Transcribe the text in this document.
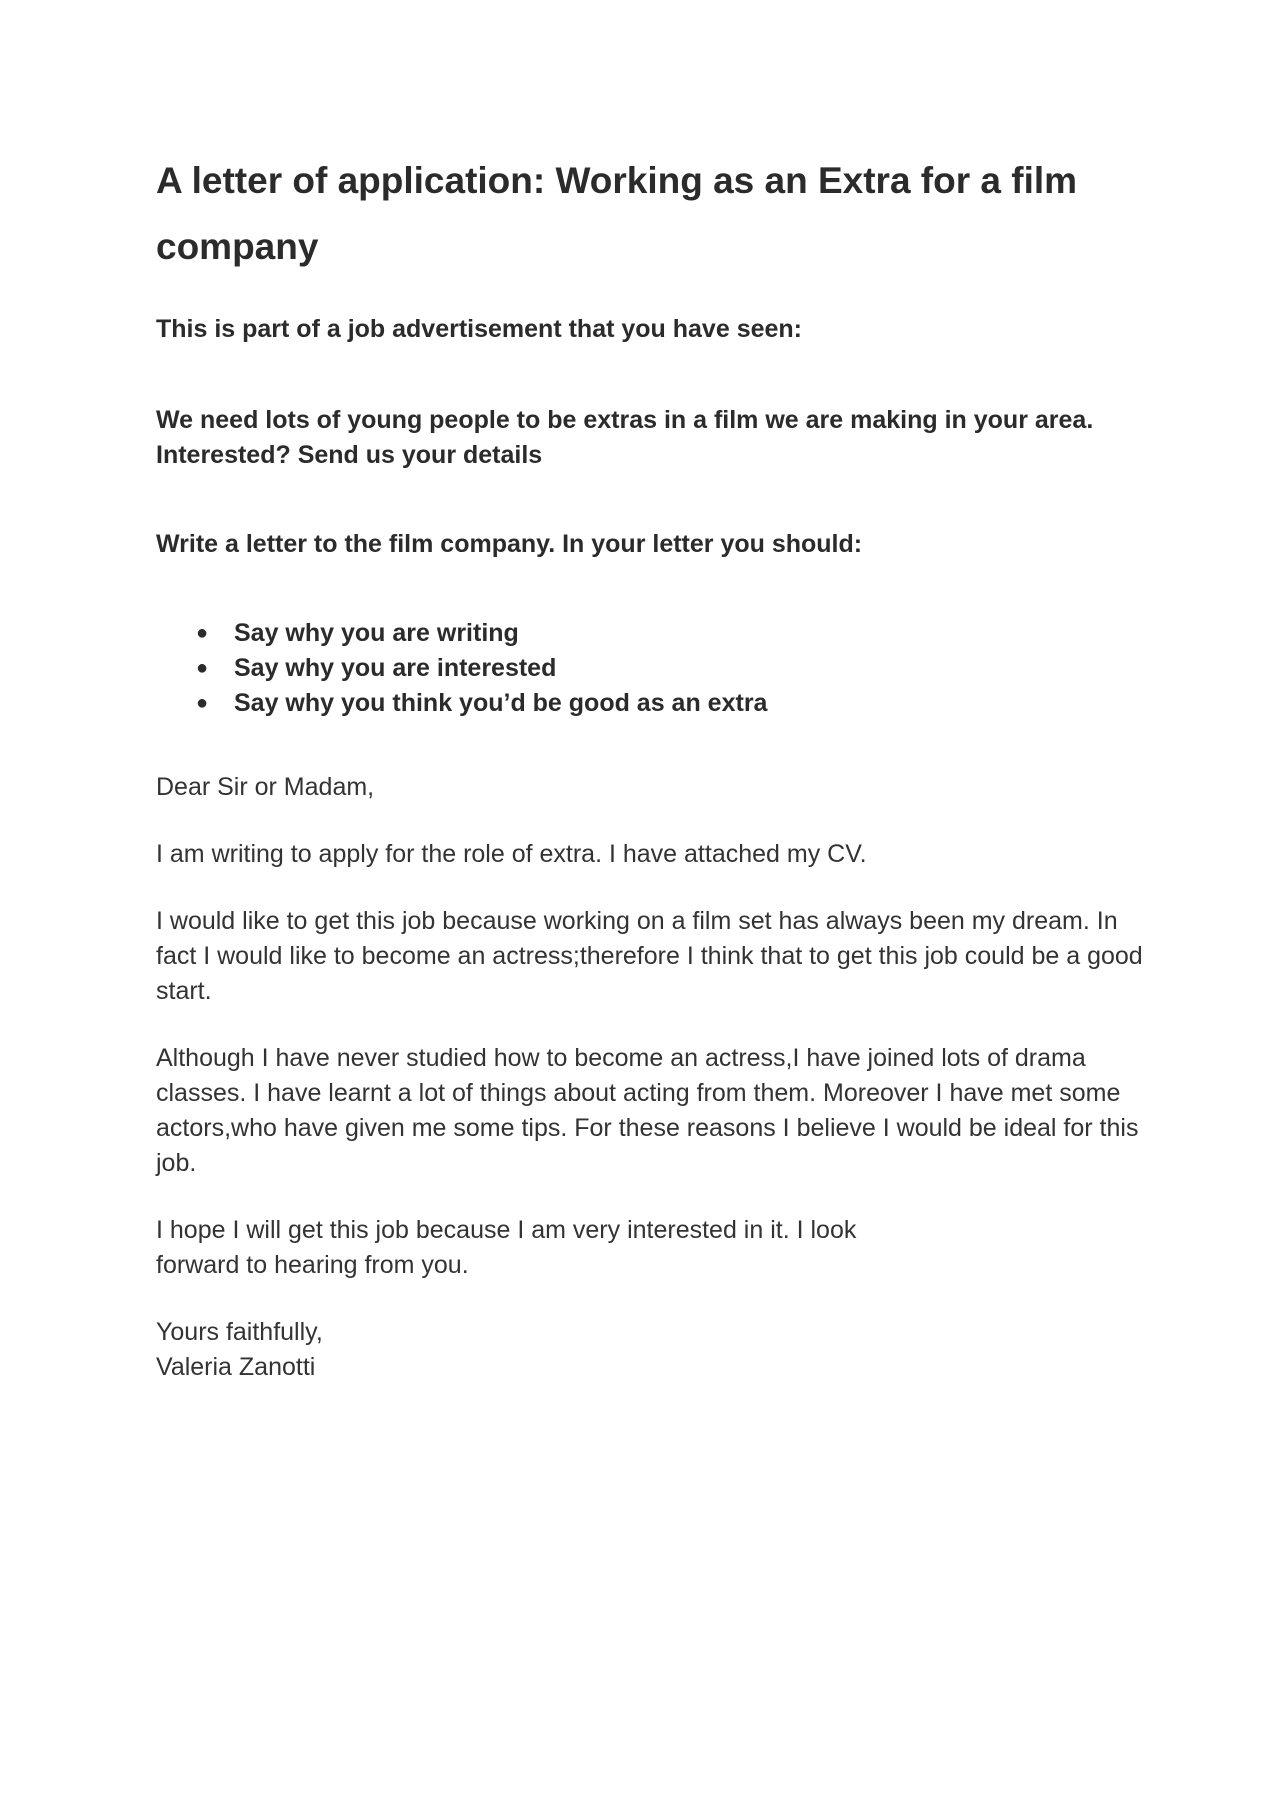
A letter of application: Working as an Extra for a film company

This is part of a job advertisement that you have seen:

We need lots of young people to be extras in a film we are making in your area.

Interested? Send us your details

Write a letter to the film company. In your letter you should:

● Say why you are writing
● Say why you are interested
● Say why you think you’d be good as an extra

Dear Sir or Madam,

I am writing to apply for the role of extra. I have attached my CV.

I would like to get this job because working on a film set has always been my dream. In fact I would like to become an actress;therefore I think that to get this job could be a good start.

Although I have never studied how to become an actress,I have joined lots of drama classes. I have learnt a lot of things about acting from them. Moreover I have met some actors,who have given me some tips. For these reasons I believe I would be ideal for this job.

I hope I will get this job because I am very interested in it. I look

forward to hearing from you.

Yours faithfully,

Valeria Zanotti
